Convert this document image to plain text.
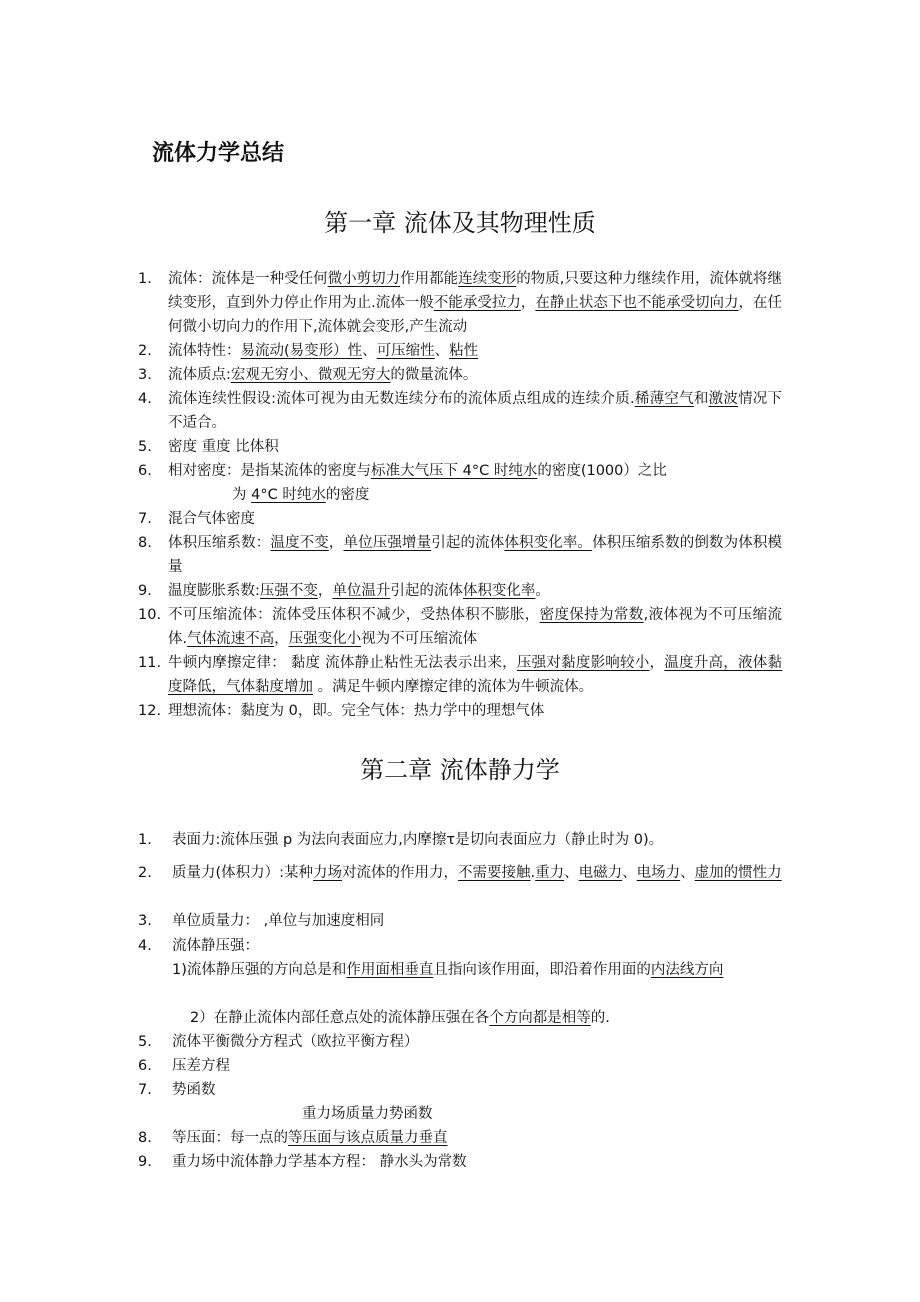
流体力学总结
第一章 流体及其物理性质
1. 流体：流体是一种受任何微小剪切力作用都能连续变形的物质,只要这种力继续作用，流体就将继续变形，直到外力停止作用为止.流体一般不能承受拉力，在静止状态下也不能承受切向力，在任何微小切向力的作用下,流体就会变形,产生流动
2. 流体特性：易流动(易变形）性、可压缩性、粘性
3. 流体质点:宏观无穷小、微观无穷大的微量流体。
4. 流体连续性假设:流体可视为由无数连续分布的流体质点组成的连续介质.稀薄空气和激波情况下不适合。
5. 密度 重度 比体积
6. 相对密度：是指某流体的密度与标准大气压下 4°C 时纯水的密度(1000）之比
7. 混合气体密度
8. 体积压缩系数：温度不变，单位压强增量引起的流体体积变化率。体积压缩系数的倒数为体积模量
9. 温度膨胀系数:压强不变，单位温升引起的流体体积变化率。
10. 不可压缩流体：流体受压体积不减少，受热体积不膨胀，密度保持为常数,液体视为不可压缩流体.气体流速不高，压强变化小视为不可压缩流体
11. 牛顿内摩擦定律： 黏度 流体静止粘性无法表示出来，压强对黏度影响较小，温度升高，液体黏度降低，气体黏度增加 。满足牛顿内摩擦定律的流体为牛顿流体。
12. 理想流体：黏度为 0，即。完全气体：热力学中的理想气体
为 4°C 时纯水的密度
第二章 流体静力学
1. 表面力:流体压强 p 为法向表面应力,内摩擦τ是切向表面应力（静止时为 0)。
2. 质量力(体积力）:某种力场对流体的作用力，不需要接触.重力、电磁力、电场力、虚加的惯性力
3. 单位质量力： ,单位与加速度相同
4. 流体静压强：
5. 流体平衡微分方程式（欧拉平衡方程）
6. 压差方程
7. 势函数
8. 等压面：每一点的等压面与该点质量力垂直
9. 重力场中流体静力学基本方程： 静水头为常数
1)流体静压强的方向总是和作用面相垂直且指向该作用面，即沿着作用面的内法线方向
2）在静止流体内部任意点处的流体静压强在各个方向都是相等的.
重力场质量力势函数
